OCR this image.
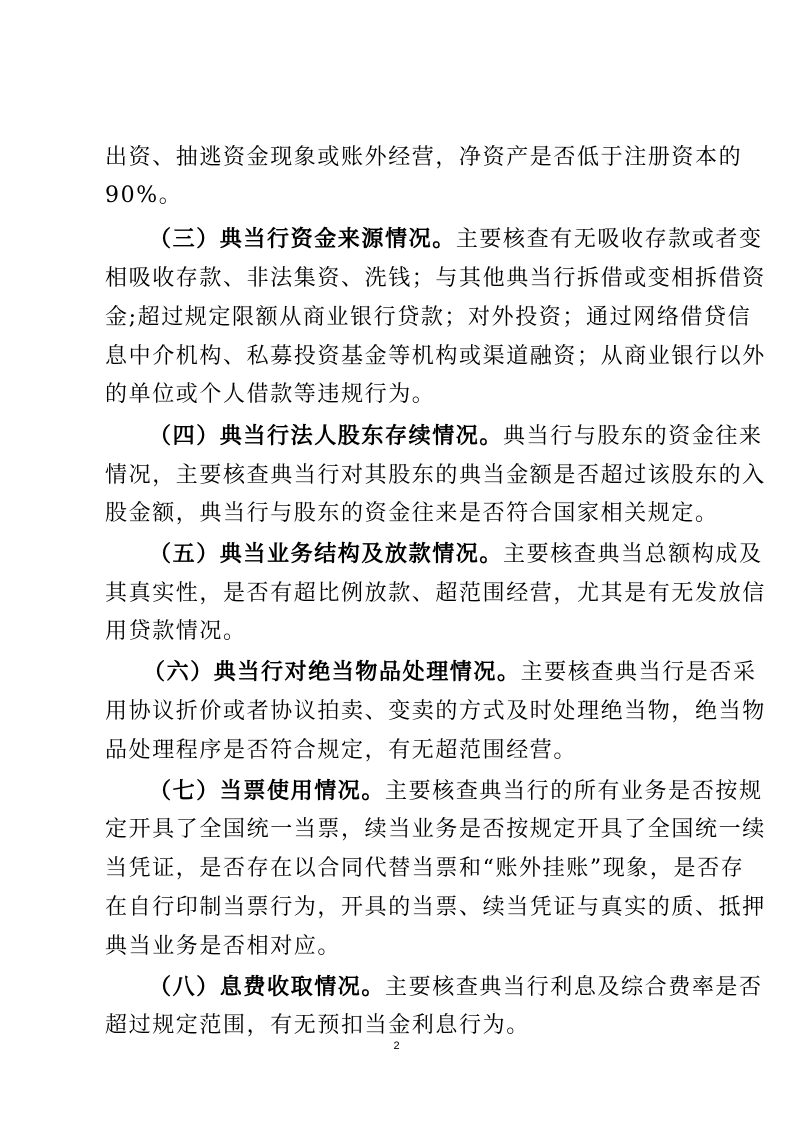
出资、抽逃资金现象或账外经营，净资产是否低于注册资本的
90%。
（三）典当行资金来源情况。主要核查有无吸收存款或者变
相吸收存款、非法集资、洗钱；与其他典当行拆借或变相拆借资
金;超过规定限额从商业银行贷款；对外投资；通过网络借贷信
息中介机构、私募投资基金等机构或渠道融资；从商业银行以外
的单位或个人借款等违规行为。
（四）典当行法人股东存续情况。典当行与股东的资金往来
情况，主要核查典当行对其股东的典当金额是否超过该股东的入
股金额，典当行与股东的资金往来是否符合国家相关规定。
（五）典当业务结构及放款情况。主要核查典当总额构成及
其真实性，是否有超比例放款、超范围经营，尤其是有无发放信
用贷款情况。
（六）典当行对绝当物品处理情况。主要核查典当行是否采
用协议折价或者协议拍卖、变卖的方式及时处理绝当物，绝当物
品处理程序是否符合规定，有无超范围经营。
（七）当票使用情况。主要核查典当行的所有业务是否按规
定开具了全国统一当票，续当业务是否按规定开具了全国统一续
当凭证，是否存在以合同代替当票和“账外挂账”现象，是否存
在自行印制当票行为，开具的当票、续当凭证与真实的质、抵押
典当业务是否相对应。
（八）息费收取情况。主要核查典当行利息及综合费率是否
超过规定范围，有无预扣当金利息行为。
2
